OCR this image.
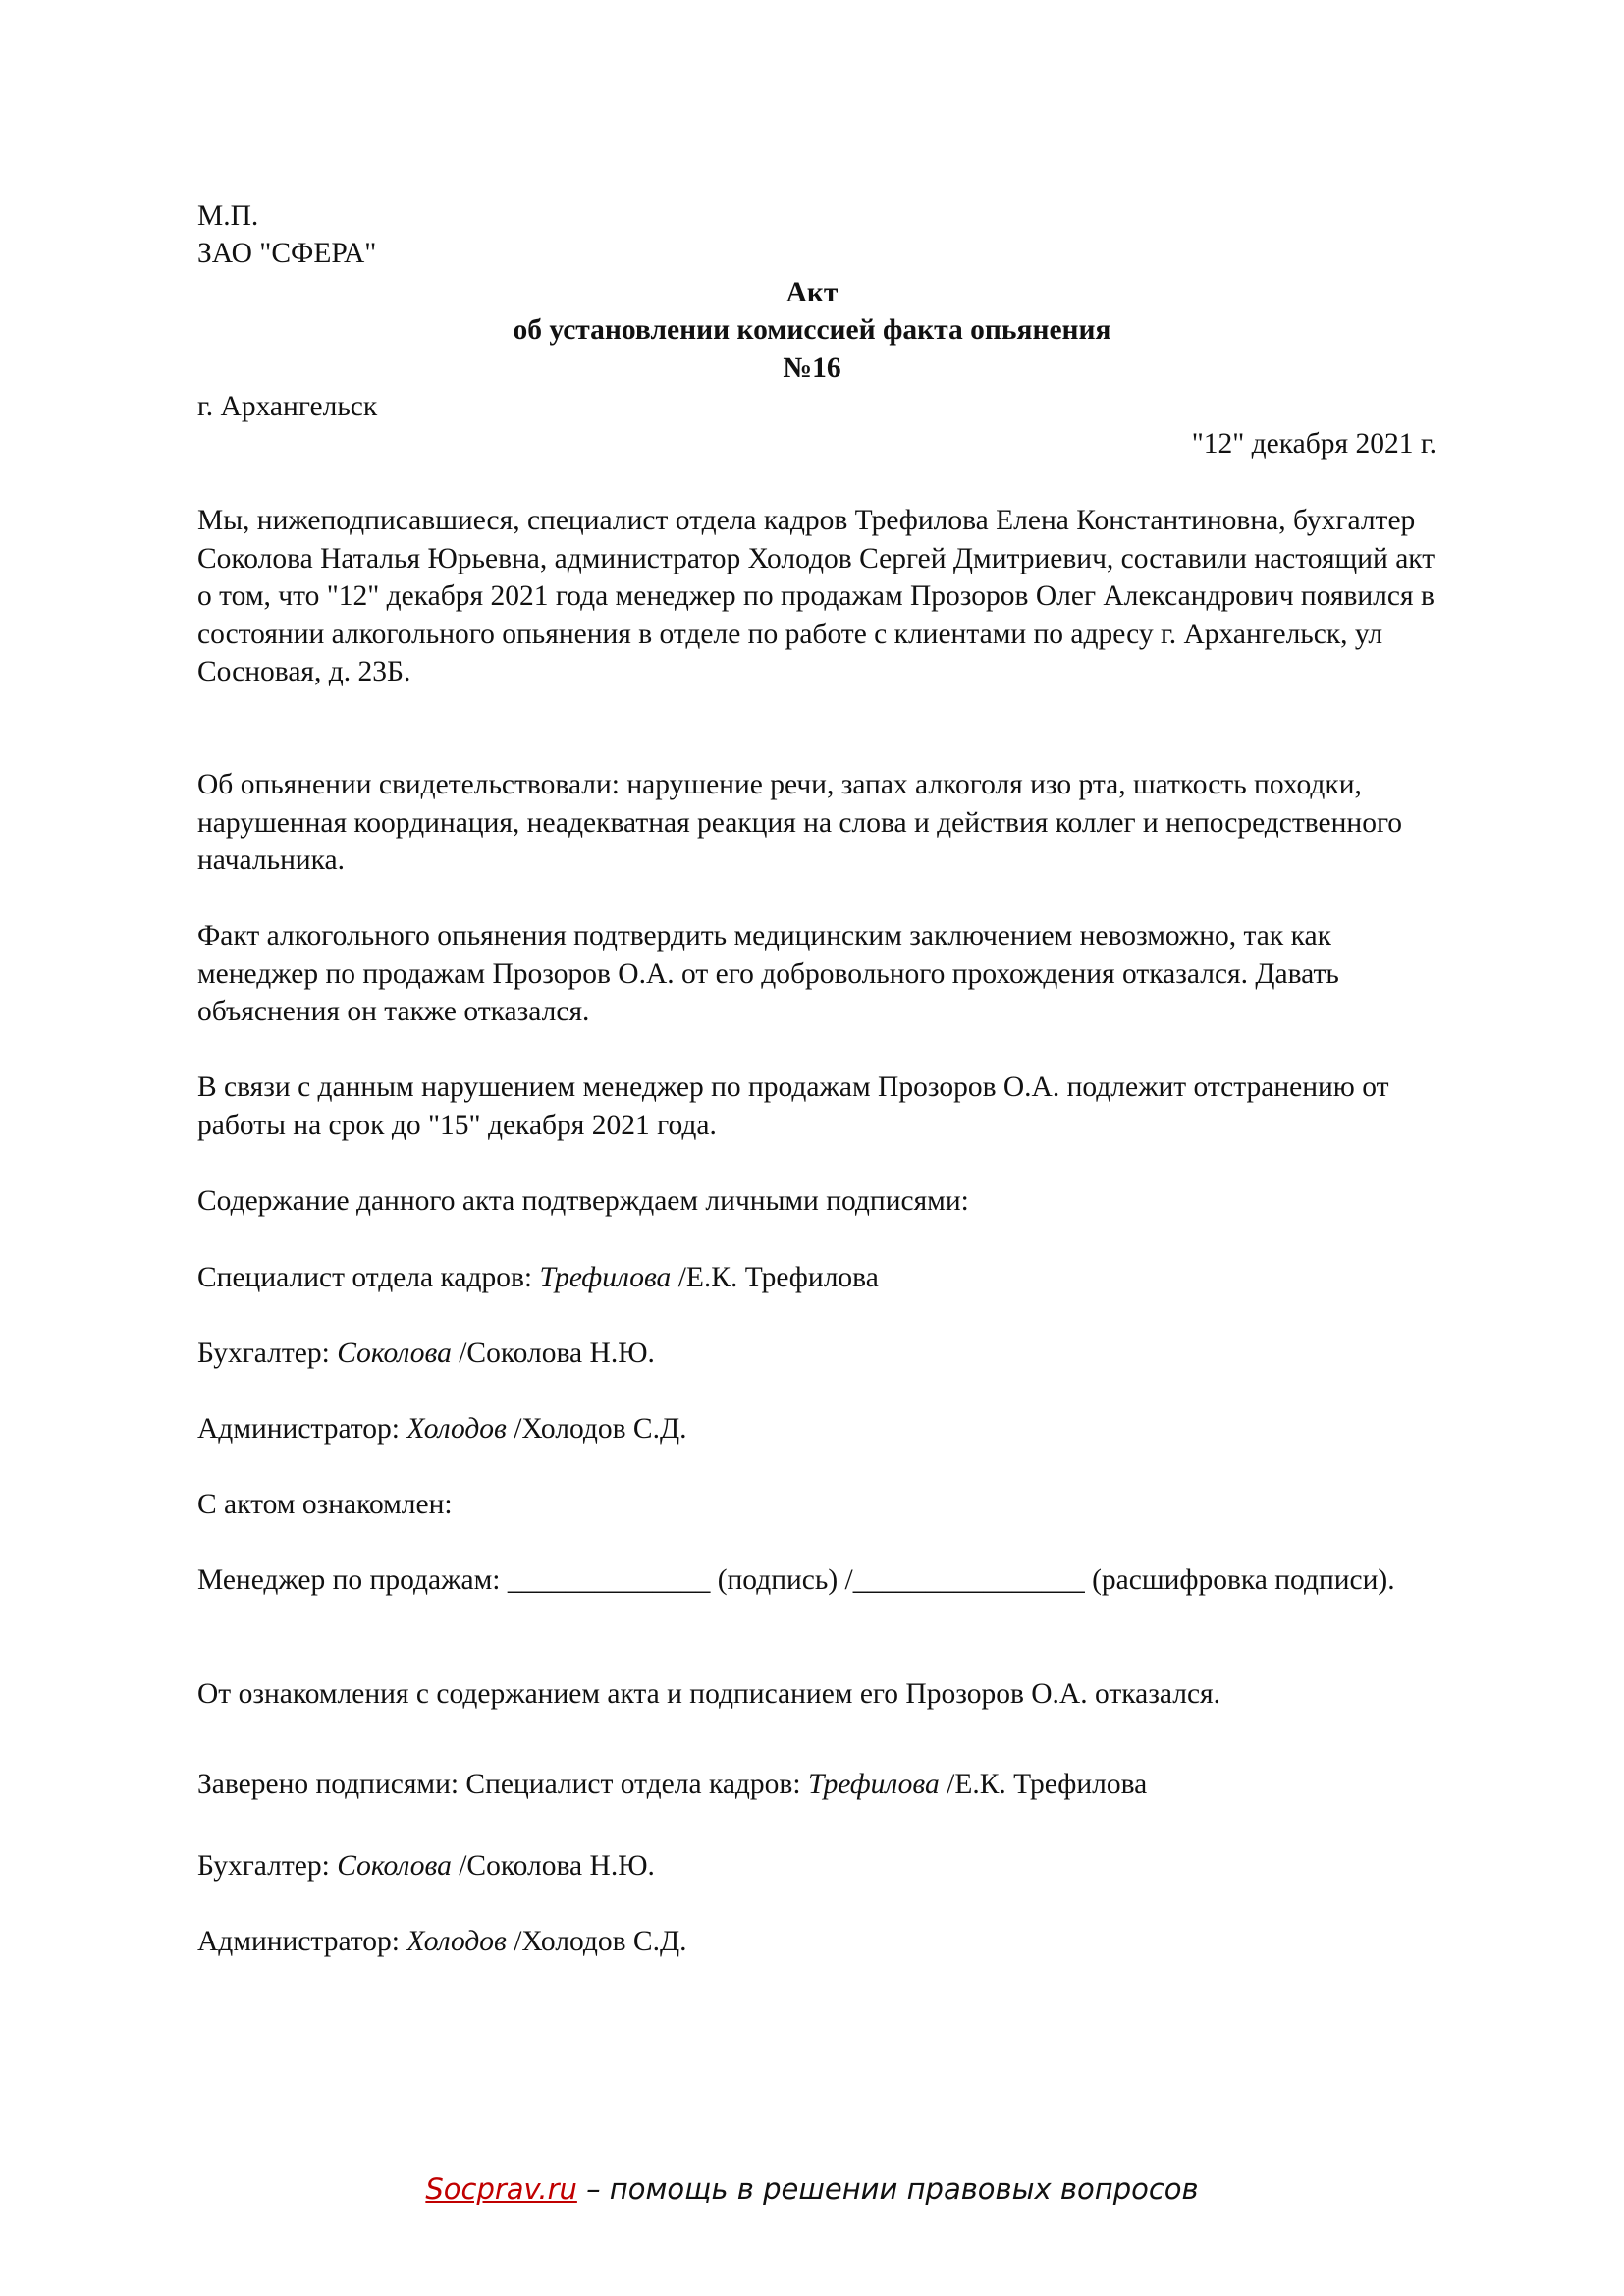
М.П.
ЗАО "СФЕРА"
Акт
об установлении комиссией факта опьянения
№16
г. Архангельск
"12" декабря 2021 г.
Мы, нижеподписавшиеся, специалист отдела кадров Трефилова Елена Константиновна, бухгалтер Соколова Наталья Юрьевна, администратор Холодов Сергей Дмитриевич, составили настоящий акт о том, что "12" декабря 2021 года менеджер по продажам Прозоров Олег Александрович появился в состоянии алкогольного опьянения в отделе по работе с клиентами по адресу г. Архангельск, ул Сосновая, д. 23Б.
Об опьянении свидетельствовали: нарушение речи, запах алкоголя изо рта, шаткость походки, нарушенная координация, неадекватная реакция на слова и действия коллег и непосредственного начальника.
Факт алкогольного опьянения подтвердить медицинским заключением невозможно, так как менеджер по продажам Прозоров О.А. от его добровольного прохождения отказался. Давать объяснения он также отказался.
В связи с данным нарушением менеджер по продажам Прозоров О.А. подлежит отстранению от работы на срок до "15" декабря 2021 года.
Содержание данного акта подтверждаем личными подписями:
Специалист отдела кадров: Трефилова /Е.К. Трефилова
Бухгалтер: Соколова /Соколова Н.Ю.
Администратор: Холодов /Холодов С.Д.
С актом ознакомлен:
Менеджер по продажам: ______________ (подпись) /________________ (расшифровка подписи).
От ознакомления с содержанием акта и подписанием его Прозоров О.А. отказался.
Заверено подписями: Специалист отдела кадров: Трефилова /Е.К. Трефилова
Бухгалтер: Соколова /Соколова Н.Ю.
Администратор: Холодов /Холодов С.Д.
Socprav.ru – помощь в решении правовых вопросов
